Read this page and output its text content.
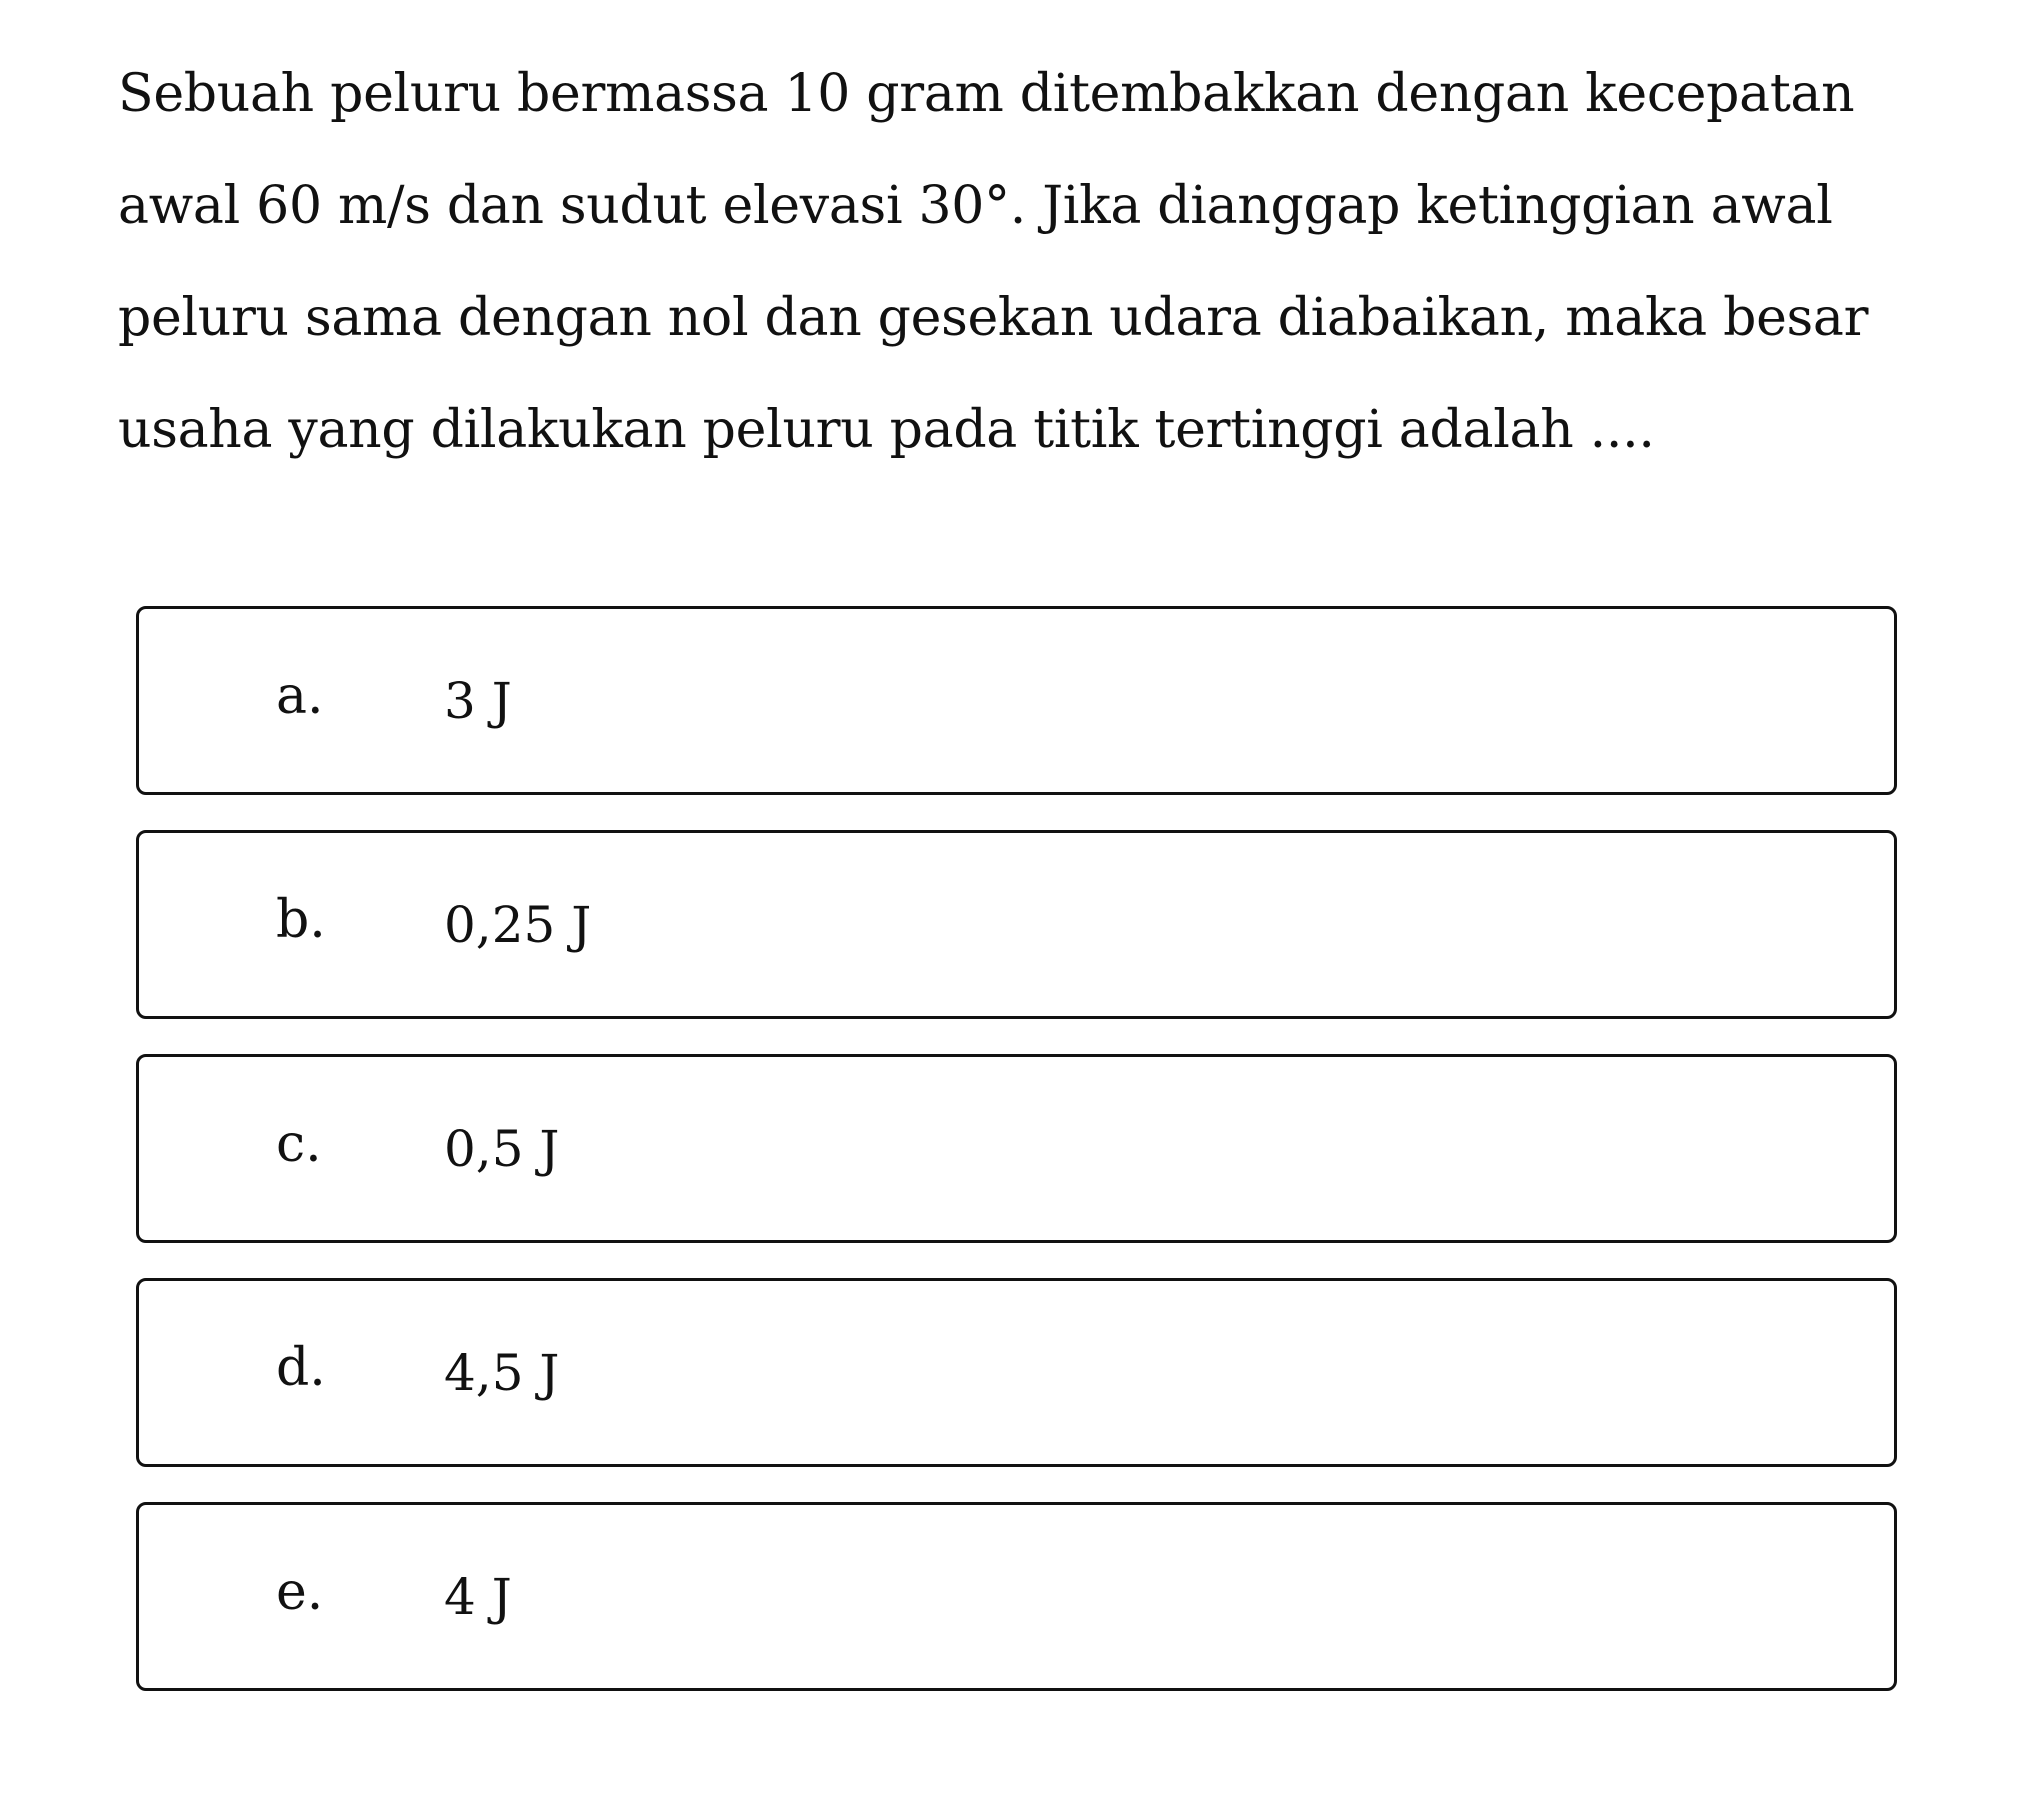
Sebuah peluru bermassa 10 gram ditembakkan dengan kecepatan awal 60 m/s dan sudut elevasi 30°. Jika dianggap ketinggian awal peluru sama dengan nol dan gesekan udara diabaikan, maka besar usaha yang dilakukan peluru pada titik tertinggi adalah ....

a. 3 J
b. 0,25 J
c. 0,5 J
d. 4,5 J
e. 4 J
